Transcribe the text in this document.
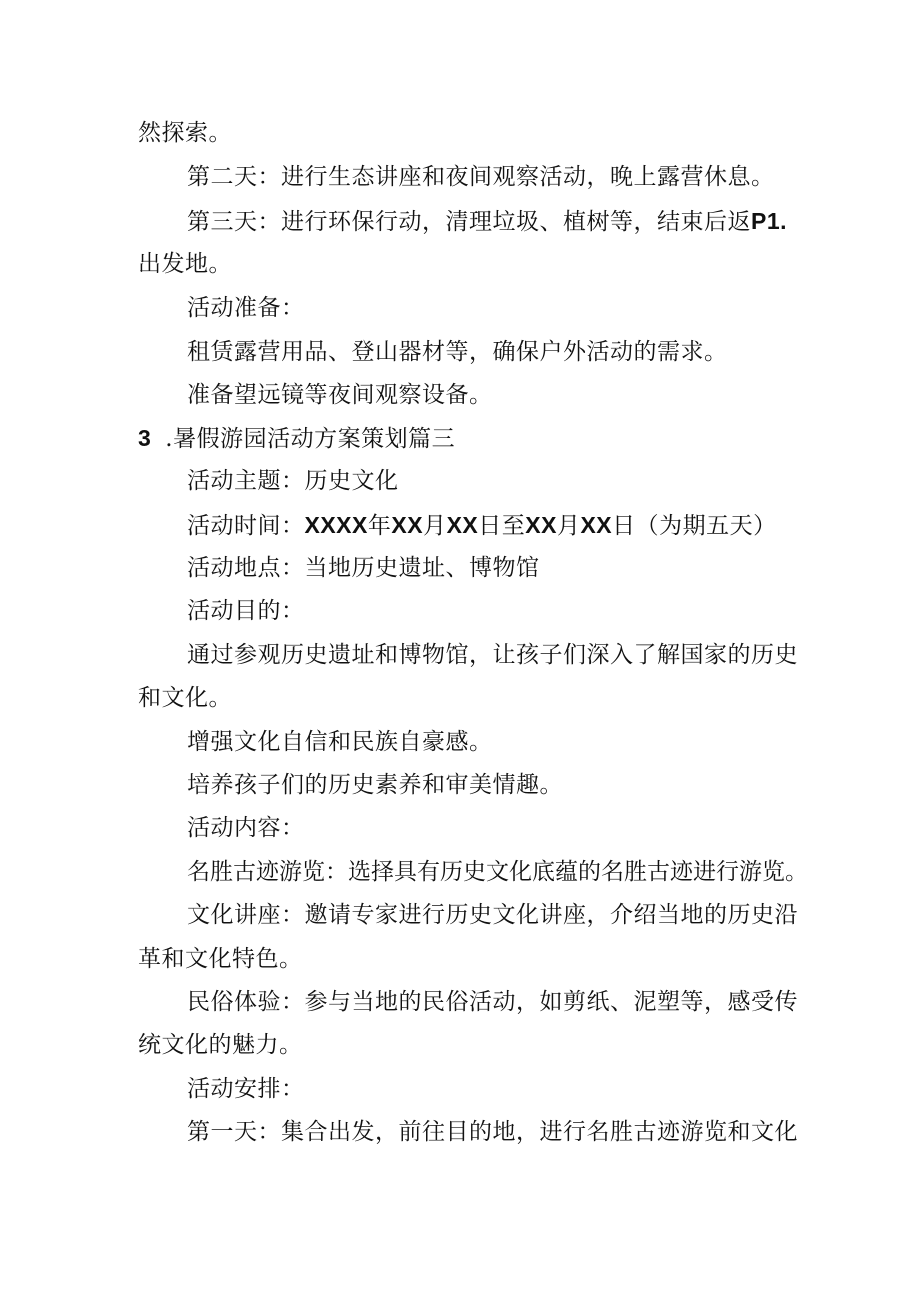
然探索。
第二天：进行生态讲座和夜间观察活动，晚上露营休息。
第三天：进行环保行动，清理垃圾、植树等，结束后返P1.
出发地。
活动准备：
租赁露营用品、登山器材等，确保户外活动的需求。
准备望远镜等夜间观察设备。
3 .暑假游园活动方案策划篇三
活动主题：历史文化
活动时间：XXXX年XX月XX日至XX月XX日（为期五天）
活动地点：当地历史遗址、博物馆
活动目的：
通过参观历史遗址和博物馆，让孩子们深入了解国家的历史
和文化。
增强文化自信和民族自豪感。
培养孩子们的历史素养和审美情趣。
活动内容：
名胜古迹游览：选择具有历史文化底蕴的名胜古迹进行游览。
文化讲座：邀请专家进行历史文化讲座，介绍当地的历史沿
革和文化特色。
民俗体验：参与当地的民俗活动，如剪纸、泥塑等，感受传
统文化的魅力。
活动安排：
第一天：集合出发，前往目的地，进行名胜古迹游览和文化
